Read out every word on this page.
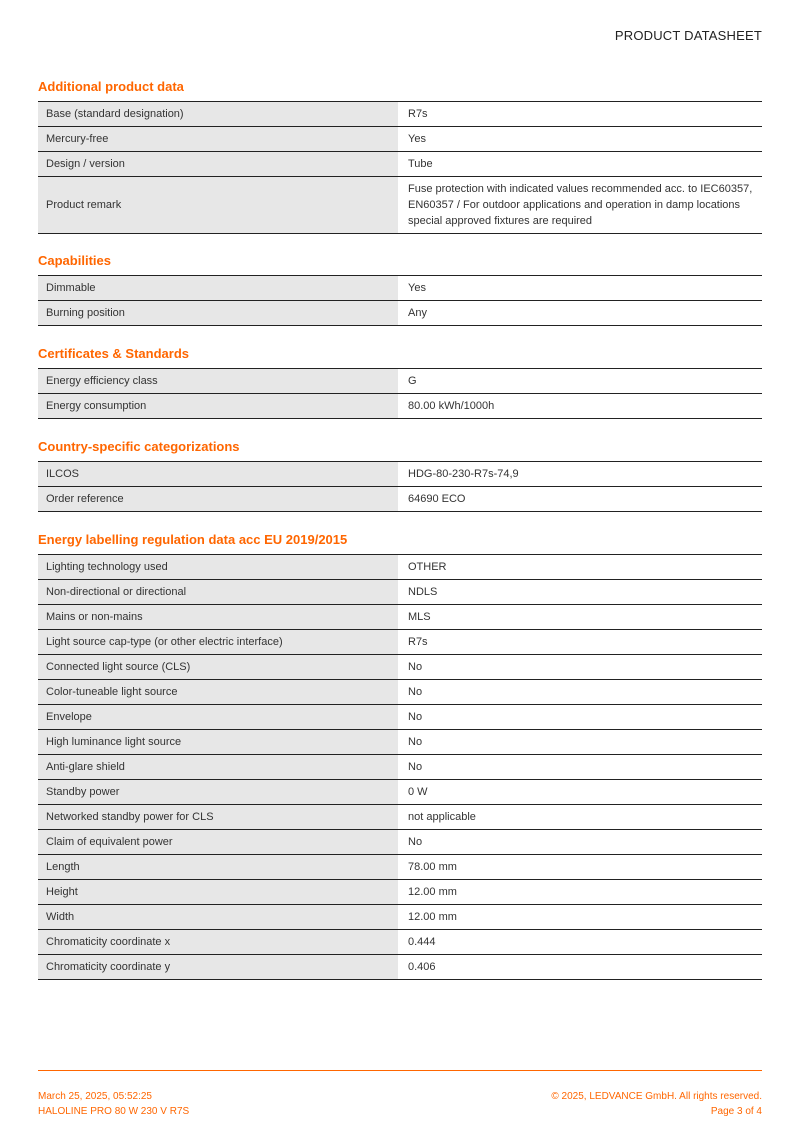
PRODUCT DATASHEET
Additional product data
Base (standard designation)	R7s
Mercury-free	Yes
Design / version	Tube
Product remark	Fuse protection with indicated values recommended acc. to IEC60357, EN60357 / For outdoor applications and operation in damp locations special approved fixtures are required
Capabilities
Dimmable	Yes
Burning position	Any
Certificates & Standards
Energy efficiency class	G
Energy consumption	80.00 kWh/1000h
Country-specific categorizations
ILCOS	HDG-80-230-R7s-74,9
Order reference	64690 ECO
Energy labelling regulation data acc EU 2019/2015
Lighting technology used	OTHER
Non-directional or directional	NDLS
Mains or non-mains	MLS
Light source cap-type (or other electric interface)	R7s
Connected light source (CLS)	No
Color-tuneable light source	No
Envelope	No
High luminance light source	No
Anti-glare shield	No
Standby power	0 W
Networked standby power for CLS	not applicable
Claim of equivalent power	No
Length	78.00 mm
Height	12.00 mm
Width	12.00 mm
Chromaticity coordinate x	0.444
Chromaticity coordinate y	0.406
March 25, 2025, 05:52:25
HALOLINE PRO 80 W 230 V R7S
© 2025, LEDVANCE GmbH. All rights reserved.
Page 3 of 4
